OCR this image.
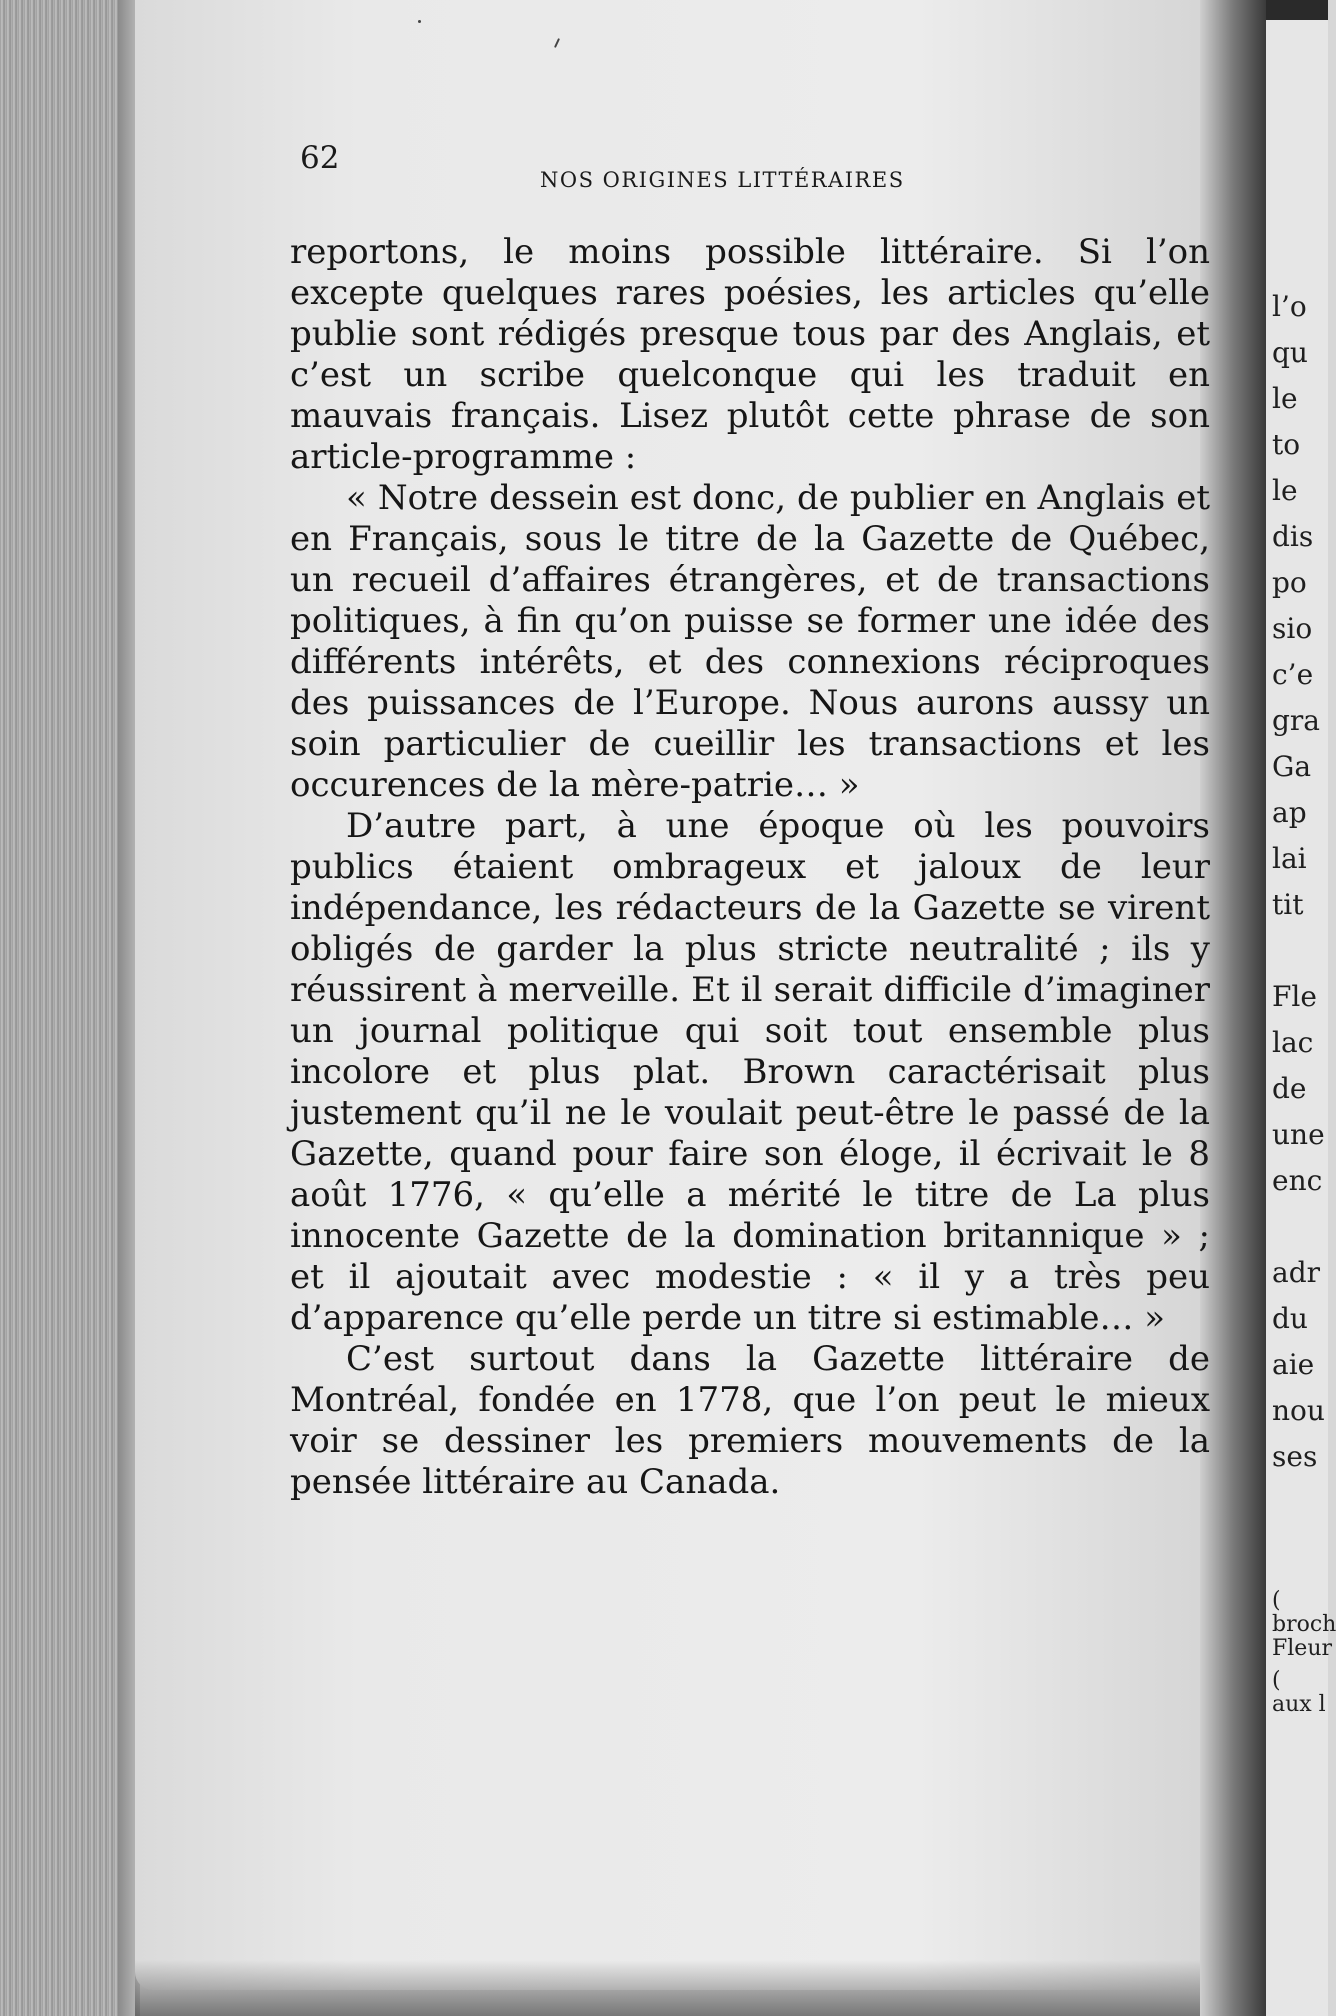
l’o
qu
le
to
le
dis
po
sio
c’e
gra
Ga
ap
lai
tit
Fle
lac
de
une
enc
adr
du
aie
nou
ses
(
broch
Fleur
(
aux l
62
NOS ORIGINES LITTÉRAIRES

reportons, le moins possible littéraire. Si l’on excepte quelques rares poésies, les articles qu’elle publie sont rédigés presque tous par des Anglais, et c’est un scribe quelconque qui les traduit en mauvais français. Lisez plutôt cette phrase de son article-programme :

« Notre dessein est donc, de publier en Anglais et en Français, sous le titre de la Gazette de Québec, un recueil d’affaires étrangères, et de transactions politiques, à fin qu’on puisse se former une idée des différents intérêts, et des connexions réciproques des puissances de l’Europe. Nous aurons aussy un soin particulier de cueillir les transactions et les occurences de la mère-patrie… »

D’autre part, à une époque où les pouvoirs publics étaient ombrageux et jaloux de leur indépendance, les rédacteurs de la Gazette se virent obligés de garder la plus stricte neutralité ; ils y réussirent à merveille. Et il serait difficile d’imaginer un journal politique qui soit tout ensemble plus incolore et plus plat. Brown caractérisait plus justement qu’il ne le voulait peut-être le passé de la Gazette, quand pour faire son éloge, il écrivait le 8 août 1776, « qu’elle a mérité le titre de La plus innocente Gazette de la domination britannique » ; et il ajoutait avec modestie : « il y a très peu d’apparence qu’elle perde un titre si estimable… »

C’est surtout dans la Gazette littéraire de Montréal, fondée en 1778, que l’on peut le mieux voir se dessiner les premiers mouvements de la pensée littéraire au Canada.
